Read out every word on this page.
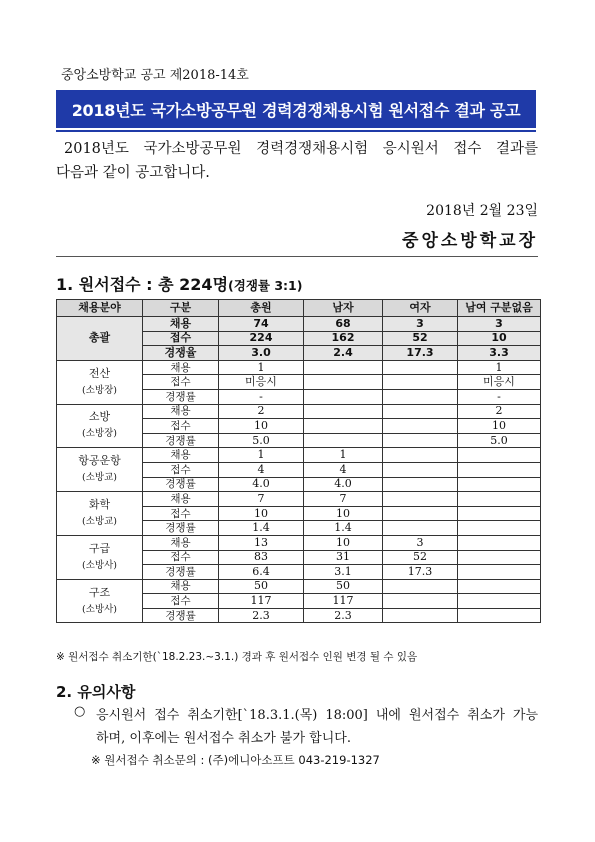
중앙소방학교 공고 제2018-14호
2018년도 국가소방공무원 경력경쟁채용시험 원서접수 결과 공고
2018년도 국가소방공무원 경력경쟁채용시험 응시원서 접수 결과를
다음과 같이 공고합니다.
2018년 2월 23일
중앙소방학교장
1. 원서접수 : 총 224명(경쟁률 3:1)
채용분야	구분	총원	남자	여자	남여 구분없음
총괄	채용	74	68	3	3
	접수	224	162	52	10
	경쟁율	3.0	2.4	17.3	3.3
전산
(소방장)	채용	1			1
	접수	미응시			미응시
	경쟁률	-			-
소방
(소방장)	채용	2			2
	접수	10			10
	경쟁률	5.0			5.0
항공운항
(소방교)	채용	1	1		
	접수	4	4		
	경쟁률	4.0	4.0		
화학
(소방교)	채용	7	7		
	접수	10	10		
	경쟁률	1.4	1.4		
구급
(소방사)	채용	13	10	3	
	접수	83	31	52	
	경쟁률	6.4	3.1	17.3	
구조
(소방사)	채용	50	50		
	접수	117	117		
	경쟁률	2.3	2.3		
※ 원서접수 취소기한(`18.2.23.~3.1.) 경과 후 원서접수 인원 변경 될 수 있음
2. 유의사항
○ 응시원서 접수 취소기한[`18.3.1.(목) 18:00] 내에 원서접수 취소가 가능
하며, 이후에는 원서접수 취소가 불가 합니다.
※ 원서접수 취소문의 : (주)에니아소프트 043-219-1327
